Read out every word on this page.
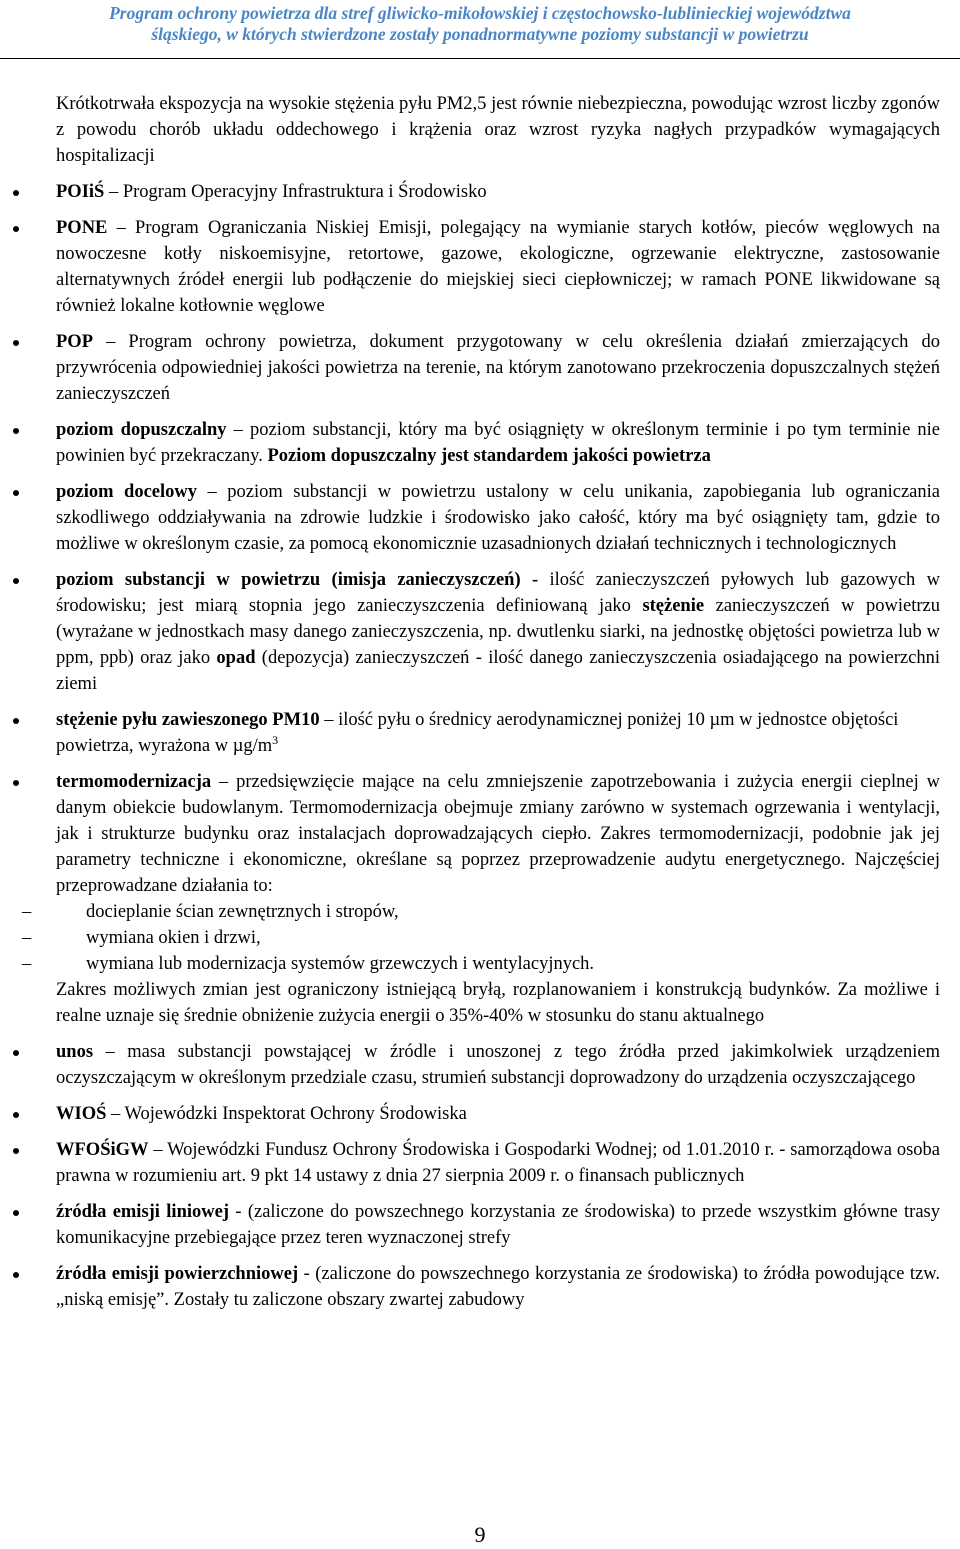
Program ochrony powietrza dla stref gliwicko-mikołowskiej i częstochowsko-lublinieckiej województwa
śląskiego, w których stwierdzone zostały ponadnormatywne poziomy substancji w powietrzu

Krótkotrwała ekspozycja na wysokie stężenia pyłu PM2,5 jest równie niebezpieczna, powodując wzrost liczby zgonów z powodu chorób układu oddechowego i krążenia oraz wzrost ryzyka nagłych przypadków wymagających hospitalizacji

POIiŚ – Program Operacyjny Infrastruktura i Środowisko

PONE – Program Ograniczania Niskiej Emisji, polegający na wymianie starych kotłów, pieców węglowych na nowoczesne kotły niskoemisyjne, retortowe, gazowe, ekologiczne, ogrzewanie elektryczne, zastosowanie alternatywnych źródeł energii lub podłączenie do miejskiej sieci ciepłowniczej; w ramach PONE likwidowane są również lokalne kotłownie węglowe

POP – Program ochrony powietrza, dokument przygotowany w celu określenia działań zmierzających do przywrócenia odpowiedniej jakości powietrza na terenie, na którym zanotowano przekroczenia dopuszczalnych stężeń zanieczyszczeń

poziom dopuszczalny – poziom substancji, który ma być osiągnięty w określonym terminie i po tym terminie nie powinien być przekraczany. Poziom dopuszczalny jest standardem jakości powietrza

poziom docelowy – poziom substancji w powietrzu ustalony w celu unikania, zapobiegania lub ograniczania szkodliwego oddziaływania na zdrowie ludzkie i środowisko jako całość, który ma być osiągnięty tam, gdzie to możliwe w określonym czasie, za pomocą ekonomicznie uzasadnionych działań technicznych i technologicznych

poziom substancji w powietrzu (imisja zanieczyszczeń) - ilość zanieczyszczeń pyłowych lub gazowych w środowisku; jest miarą stopnia jego zanieczyszczenia definiowaną jako stężenie zanieczyszczeń w powietrzu (wyrażane w jednostkach masy danego zanieczyszczenia, np. dwutlenku siarki, na jednostkę objętości powietrza lub w ppm, ppb) oraz jako opad (depozycja) zanieczyszczeń - ilość danego zanieczyszczenia osiadającego na powierzchni ziemi

stężenie pyłu zawieszonego PM10 – ilość pyłu o średnicy aerodynamicznej poniżej 10 µm w jednostce objętości powietrza, wyrażona w $\mu g/m^3$

termomodernizacja – przedsięwzięcie mające na celu zmniejszenie zapotrzebowania i zużycia energii cieplnej w danym obiekcie budowlanym. Termomodernizacja obejmuje zmiany zarówno w systemach ogrzewania i wentylacji, jak i strukturze budynku oraz instalacjach doprowadzających ciepło. Zakres termomodernizacji, podobnie jak jej parametry techniczne i ekonomiczne, określane są poprzez przeprowadzenie audytu energetycznego. Najczęściej przeprowadzane działania to:

–	docieplanie ścian zewnętrznych i stropów,

–	wymiana okien i drzwi,

–	wymiana lub modernizacja systemów grzewczych i wentylacyjnych.

Zakres możliwych zmian jest ograniczony istniejącą bryłą, rozplanowaniem i konstrukcją budynków. Za możliwe i realne uznaje się średnie obniżenie zużycia energii o 35%-40% w stosunku do stanu aktualnego

unos – masa substancji powstającej w źródle i unoszonej z tego źródła przed jakimkolwiek urządzeniem oczyszczającym w określonym przedziale czasu, strumień substancji doprowadzony do urządzenia oczyszczającego

WIOŚ – Wojewódzki Inspektorat Ochrony Środowiska

WFOŚiGW – Wojewódzki Fundusz Ochrony Środowiska i Gospodarki Wodnej; od 1.01.2010 r. - samorządowa osoba prawna w rozumieniu art. 9 pkt 14 ustawy z dnia 27 sierpnia 2009 r. o finansach publicznych

źródła emisji liniowej - (zaliczone do powszechnego korzystania ze środowiska) to przede wszystkim główne trasy komunikacyjne przebiegające przez teren wyznaczonej strefy

źródła emisji powierzchniowej - (zaliczone do powszechnego korzystania ze środowiska) to źródła powodujące tzw. „niską emisję”. Zostały tu zaliczone obszary zwartej zabudowy

9
